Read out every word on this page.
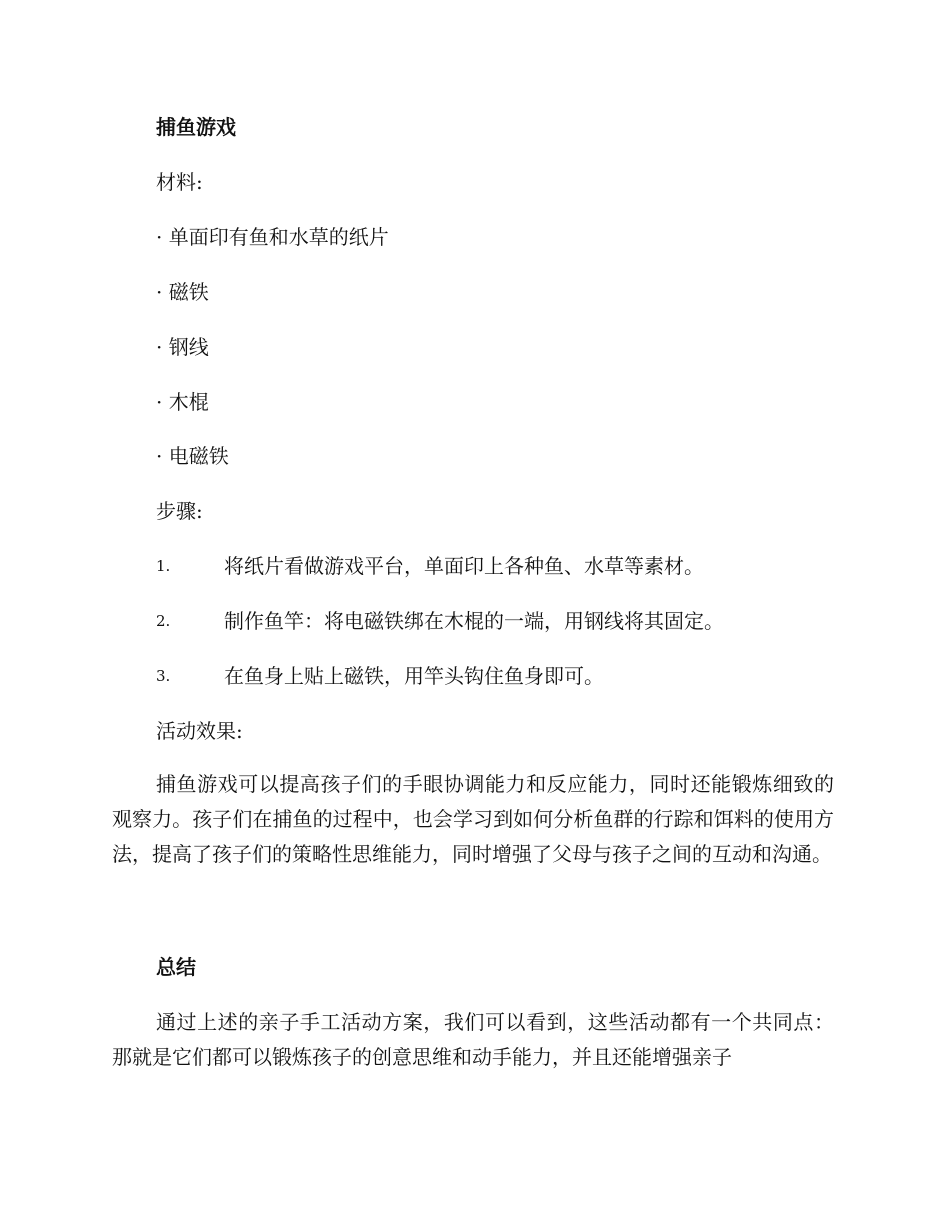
捕鱼游戏
材料:
· 单面印有鱼和水草的纸片
· 磁铁
· 钢线
· 木棍
· 电磁铁
步骤:
1.	将纸片看做游戏平台，单面印上各种鱼、水草等素材。
2.	制作鱼竿：将电磁铁绑在木棍的一端，用钢线将其固定。
3.	在鱼身上贴上磁铁，用竿头钩住鱼身即可。
活动效果:
捕鱼游戏可以提高孩子们的手眼协调能力和反应能力，同时还能锻炼细致的观察力。孩子们在捕鱼的过程中，也会学习到如何分析鱼群的行踪和饵料的使用方法，提高了孩子们的策略性思维能力，同时增强了父母与孩子之间的互动和沟通。
总结
通过上述的亲子手工活动方案，我们可以看到，这些活动都有一个共同点：那就是它们都可以锻炼孩子的创意思维和动手能力，并且还能增强亲子
